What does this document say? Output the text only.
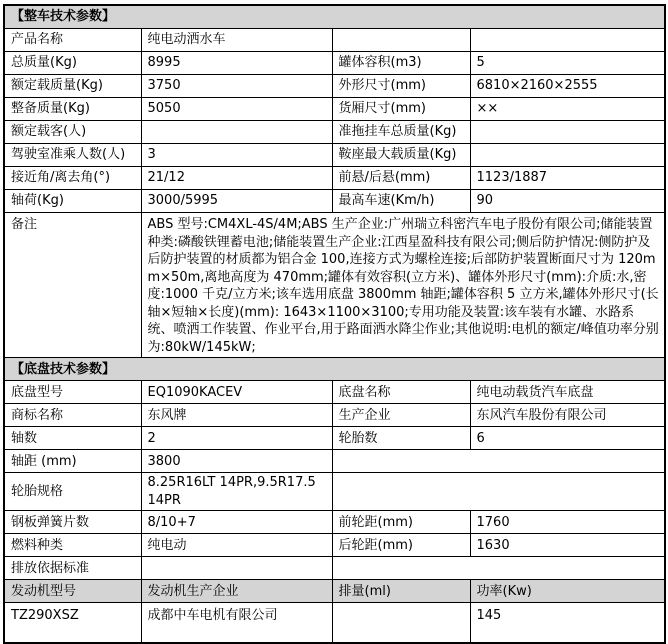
【整车技术参数】			
产品名称	纯电动洒水车		
总质量(Kg)	8995	罐体容积(m3)	5
额定载质量(Kg)	3750	外形尺寸(mm)	6810×2160×2555
整备质量(Kg)	5050	货厢尺寸(mm)	××
额定载客(人)		准拖挂车总质量(Kg)	
驾驶室准乘人数(人)	3	鞍座最大载质量(Kg)	
接近角/离去角(°)	21/12	前悬/后悬(mm)	1123/1887
轴荷(Kg)	3000/5995	最高车速(Km/h)	90
备注	ABS 型号:CM4XL-4S/4M;ABS 生产企业:广州瑞立科密汽车电子股份有限公司;储能装置种类:磷酸铁锂蓄电池;储能装置生产企业:江西星盈科技有限公司;侧后防护情况:侧防护及后防护装置的材质都为铝合金 100,连接方式为螺栓连接;后部防护装置断面尺寸为 120mm×50m,离地高度为 470mm;罐体有效容积(立方米)、罐体外形尺寸(mm):介质:水,密度:1000 千克/立方米;该车选用底盘 3800mm 轴距;罐体容积 5 立方米,罐体外形尺寸(长轴×短轴×长度)(mm): 1643×1100×3100;专用功能及装置:该车装有水罐、水路系统、喷洒工作装置、作业平台,用于路面洒水降尘作业;其他说明:电机的额定/峰值功率分别为:80kW/145kW;		
【底盘技术参数】			
底盘型号	EQ1090KACEV	底盘名称	纯电动载货汽车底盘
商标名称	东风牌	生产企业	东风汽车股份有限公司
轴数	2	轮胎数	6
轴距 (mm)	3800		
轮胎规格	8.25R16LT 14PR,9.5R17.5 14PR		
钢板弹簧片数	8/10+7	前轮距(mm)	1760
燃料种类	纯电动	后轮距(mm)	1630
排放依据标准			
发动机型号	发动机生产企业	排量(ml)	功率(Kw)
TZ290XSZ	成都中车电机有限公司		145
